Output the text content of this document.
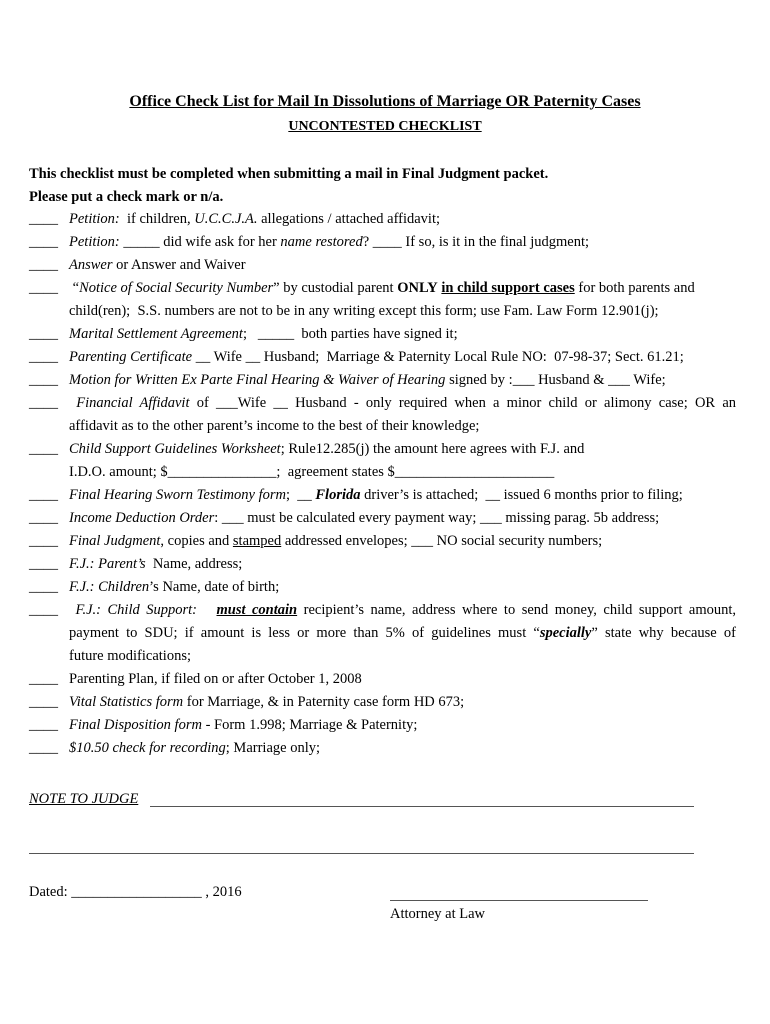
Office Check List for Mail In Dissolutions of Marriage OR Paternity Cases
UNCONTESTED CHECKLIST
This checklist must be completed when submitting a mail in Final Judgment packet.
Please put a check mark or n/a.
____ Petition:  if children, U.C.C.J.A. allegations / attached affidavit;
____ Petition: _____ did wife ask for her name restored? ____ If so, is it in the final judgment;
____ Answer or Answer and Waiver
____ “Notice of Social Security Number” by custodial parent ONLY in child support cases for both parents and
child(ren);  S.S. numbers are not to be in any writing except this form; use Fam. Law Form 12.901(j);
____ Marital Settlement Agreement;   _____  both parties have signed it;
____ Parenting Certificate __ Wife __ Husband;  Marriage & Paternity Local Rule NO:  07-98-37; Sect. 61.21;
____ Motion for Written Ex Parte Final Hearing & Waiver of Hearing signed by :___ Husband & ___ Wife;
____	Financial Affidavit of ___Wife __ Husband - only required when a minor child or alimony case; OR an
affidavit as to the other parent’s income to the best of their knowledge;
____ Child Support Guidelines Worksheet; Rule12.285(j) the amount here agrees with F.J. and
I.D.O. amount; $_______________;  agreement states $______________________
____ Final Hearing Sworn Testimony form;  __ Florida driver’s is attached;  __ issued 6 months prior to filing;
____ Income Deduction Order: ___ must be calculated every payment way; ___ missing parag. 5b address;
____ Final Judgment, copies and stamped addressed envelopes; ___ NO social security numbers;
____ F.J.: Parent’s  Name, address;
____ F.J.: Children’s Name, date of birth;
____	F.J.: Child Support: must contain recipient’s name, address where to send money, child support amount,
payment to SDU; if amount is less or more than 5% of guidelines must “specially” state why because of
future modifications;
____ Parenting Plan, if filed on or after October 1, 2008
____ Vital Statistics form for Marriage, & in Paternity case form HD 673;
____ Final Disposition form - Form 1.998; Marriage & Paternity;
____ $10.50 check for recording; Marriage only;
NOTE TO JUDGE
Dated: __________________ , 2016
Attorney at Law
